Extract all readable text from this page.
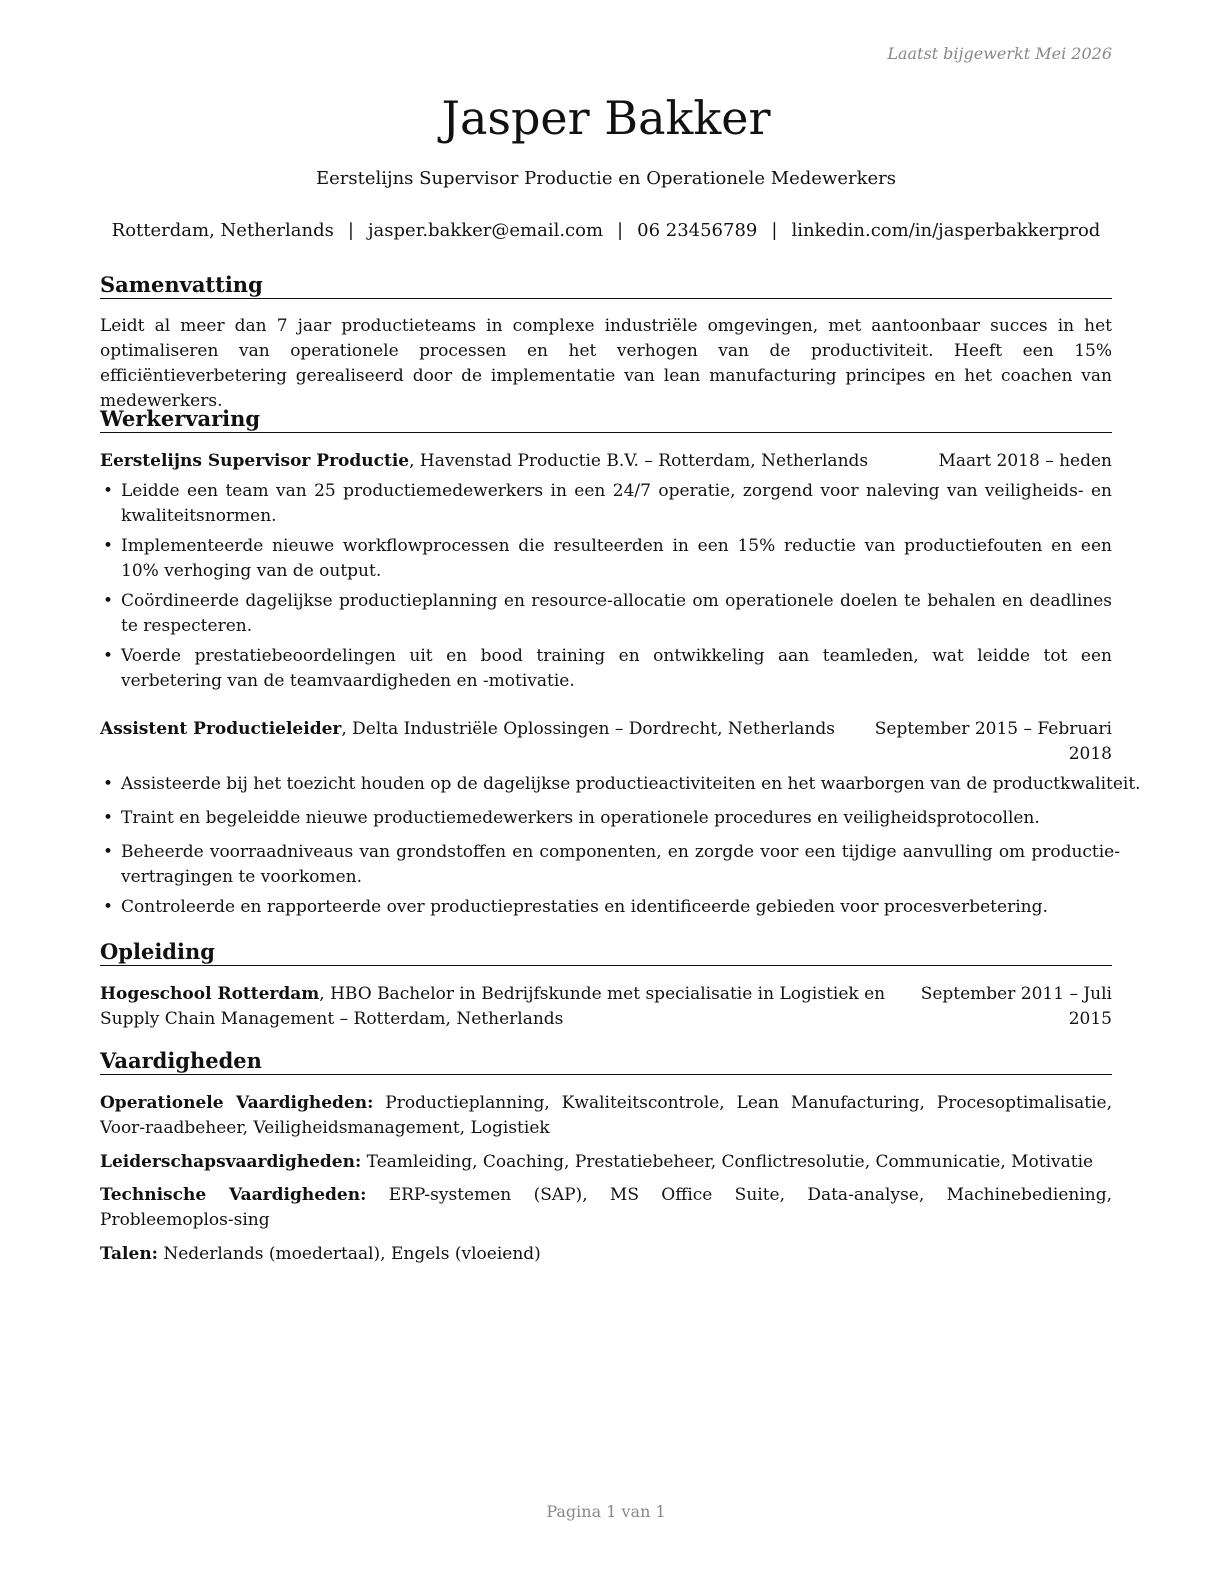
Laatst bijgewerkt Mei 2026
Jasper Bakker
Eerstelijns Supervisor Productie en Operationele Medewerkers
Rotterdam, Netherlands | jasper.bakker@email.com | 06 23456789 | linkedin.com/in/jasperbakkerprod
Samenvatting
Leidt al meer dan 7 jaar productieteams in complexe industriële omgevingen, met aantoonbaar succes in het optimaliseren van operationele processen en het verhogen van de productiviteit. Heeft een 15% efficiëntieverbetering gerealiseerd door de implementatie van lean manufacturing principes en het coachen van medewerkers.
Werkervaring
Eerstelijns Supervisor Productie, Havenstad Productie B.V. – Rotterdam, Netherlands	Maart 2018 – heden
• Leidde een team van 25 productiemedewerkers in een 24/7 operatie, zorgend voor naleving van veiligheids- en kwaliteitsnormen.
• Implementeerde nieuwe workflowprocessen die resulteerden in een 15% reductie van productiefouten en een 10% verhoging van de output.
• Coördineerde dagelijkse productieplanning en resource-allocatie om operationele doelen te behalen en deadlines te respecteren.
• Voerde prestatiebeoordelingen uit en bood training en ontwikkeling aan teamleden, wat leidde tot een verbetering van de teamvaardigheden en -motivatie.
Assistent Productieleider, Delta Industriële Oplossingen – Dordrecht, Netherlands September 2015 – Februari
2018
• Assisteerde bij het toezicht houden op de dagelijkse productieactiviteiten en het waarborgen van de productkwaliteit.
• Traint en begeleidde nieuwe productiemedewerkers in operationele procedures en veiligheidsprotocollen.
• Beheerde voorraadniveaus van grondstoffen en componenten, en zorgde voor een tijdige aanvulling om productie-vertragingen te voorkomen.
• Controleerde en rapporteerde over productieprestaties en identificeerde gebieden voor procesverbetering.
Opleiding
Hogeschool Rotterdam, HBO Bachelor in Bedrijfskunde met specialisatie in Logistiek en
Supply Chain Management – Rotterdam, Netherlands
September 2011 – Juli
2015
Vaardigheden
Operationele Vaardigheden: Productieplanning, Kwaliteitscontrole, Lean Manufacturing, Procesoptimalisatie, Voor-raadbeheer, Veiligheidsmanagement, Logistiek
Leiderschapsvaardigheden: Teamleiding, Coaching, Prestatiebeheer, Conflictresolutie, Communicatie, Motivatie
Technische Vaardigheden: ERP-systemen (SAP), MS Office Suite, Data-analyse, Machinebediening, Probleemoplos-sing
Talen: Nederlands (moedertaal), Engels (vloeiend)
Pagina 1 van 1
